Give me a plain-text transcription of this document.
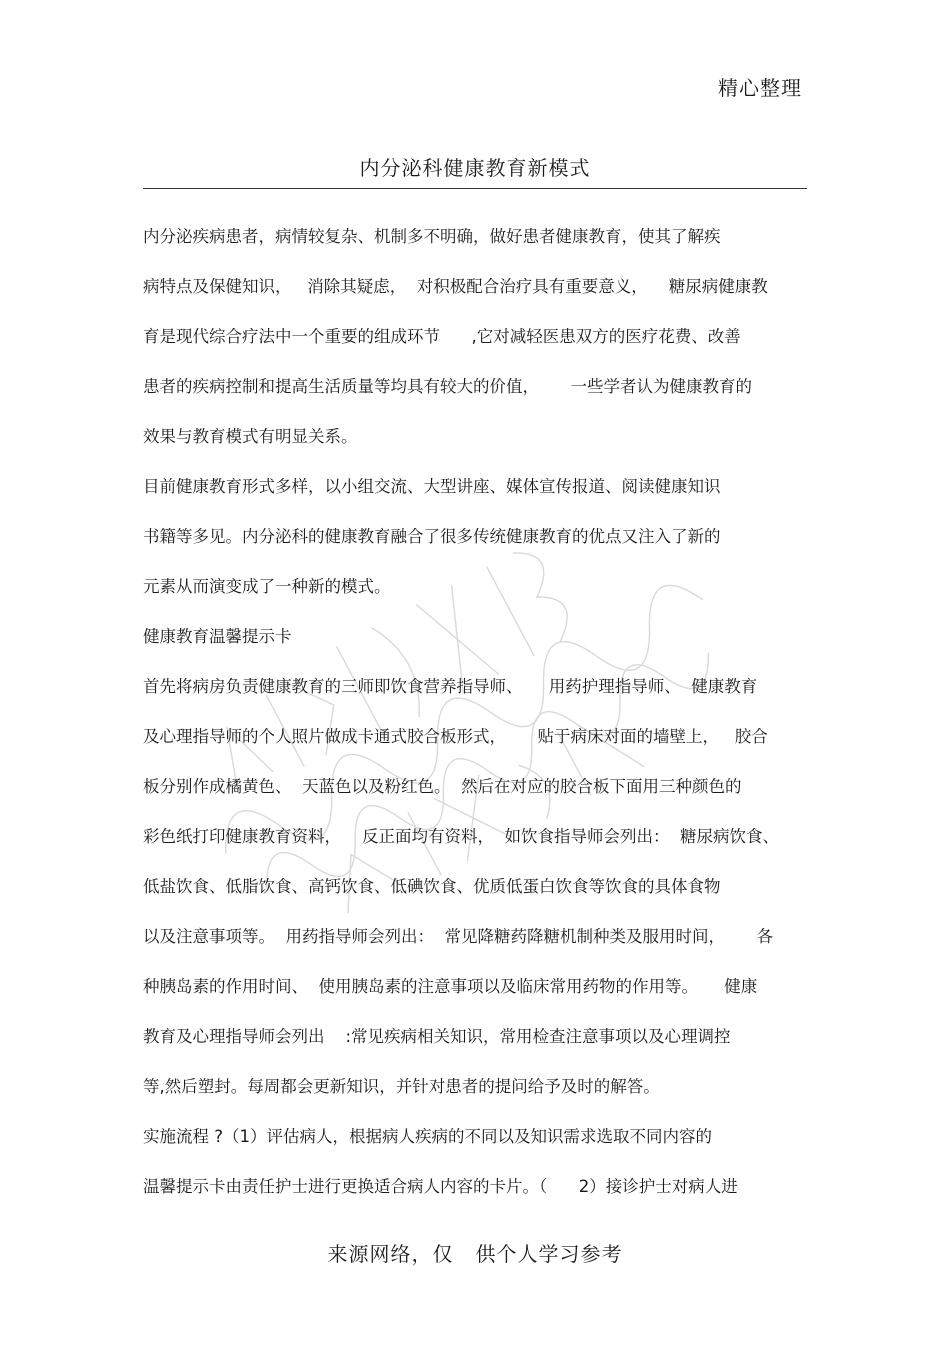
精心整理
内分泌科健康教育新模式
内分泌疾病患者，病情较复杂、机制多不明确，做好患者健康教育，使其了解疾
病特点及保健知识，   消除其疑虑，  对积极配合治疗具有重要意义，    糖尿病健康教
育是现代综合疗法中一个重要的组成环节      ,它对减轻医患双方的医疗花费、改善
患者的疾病控制和提高生活质量等均具有较大的价值，      一些学者认为健康教育的
效果与教育模式有明显关系。
目前健康教育形式多样，以小组交流、大型讲座、媒体宣传报道、阅读健康知识
书籍等多见。内分泌科的健康教育融合了很多传统健康教育的优点又注入了新的
元素从而演变成了一种新的模式。
健康教育温馨提示卡
首先将病房负责健康教育的三师即饮食营养指导师、     用药护理指导师、  健康教育
及心理指导师的个人照片做成卡通式胶合板形式，      贴于病床对面的墙壁上，   胶合
板分别作成橘黄色、  天蓝色以及粉红色。  然后在对应的胶合板下面用三种颜色的
彩色纸打印健康教育资料，    反正面均有资料，  如饮食指导师会列出：  糖尿病饮食、
低盐饮食、低脂饮食、高钙饮食、低碘饮食、优质低蛋白饮食等饮食的具体食物
以及注意事项等。  用药指导师会列出：  常见降糖药降糖机制种类及服用时间，      各
种胰岛素的作用时间、  使用胰岛素的注意事项以及临床常用药物的作用等。     健康
教育及心理指导师会列出    :常见疾病相关知识，常用检查注意事项以及心理调控
等,然后塑封。每周都会更新知识，并针对患者的提问给予及时的解答。
实施流程 ?（1）评估病人，根据病人疾病的不同以及知识需求选取不同内容的
温馨提示卡由责任护士进行更换适合病人内容的卡片。（      2）接诊护士对病人进
来源网络，仅   供个人学习参考
